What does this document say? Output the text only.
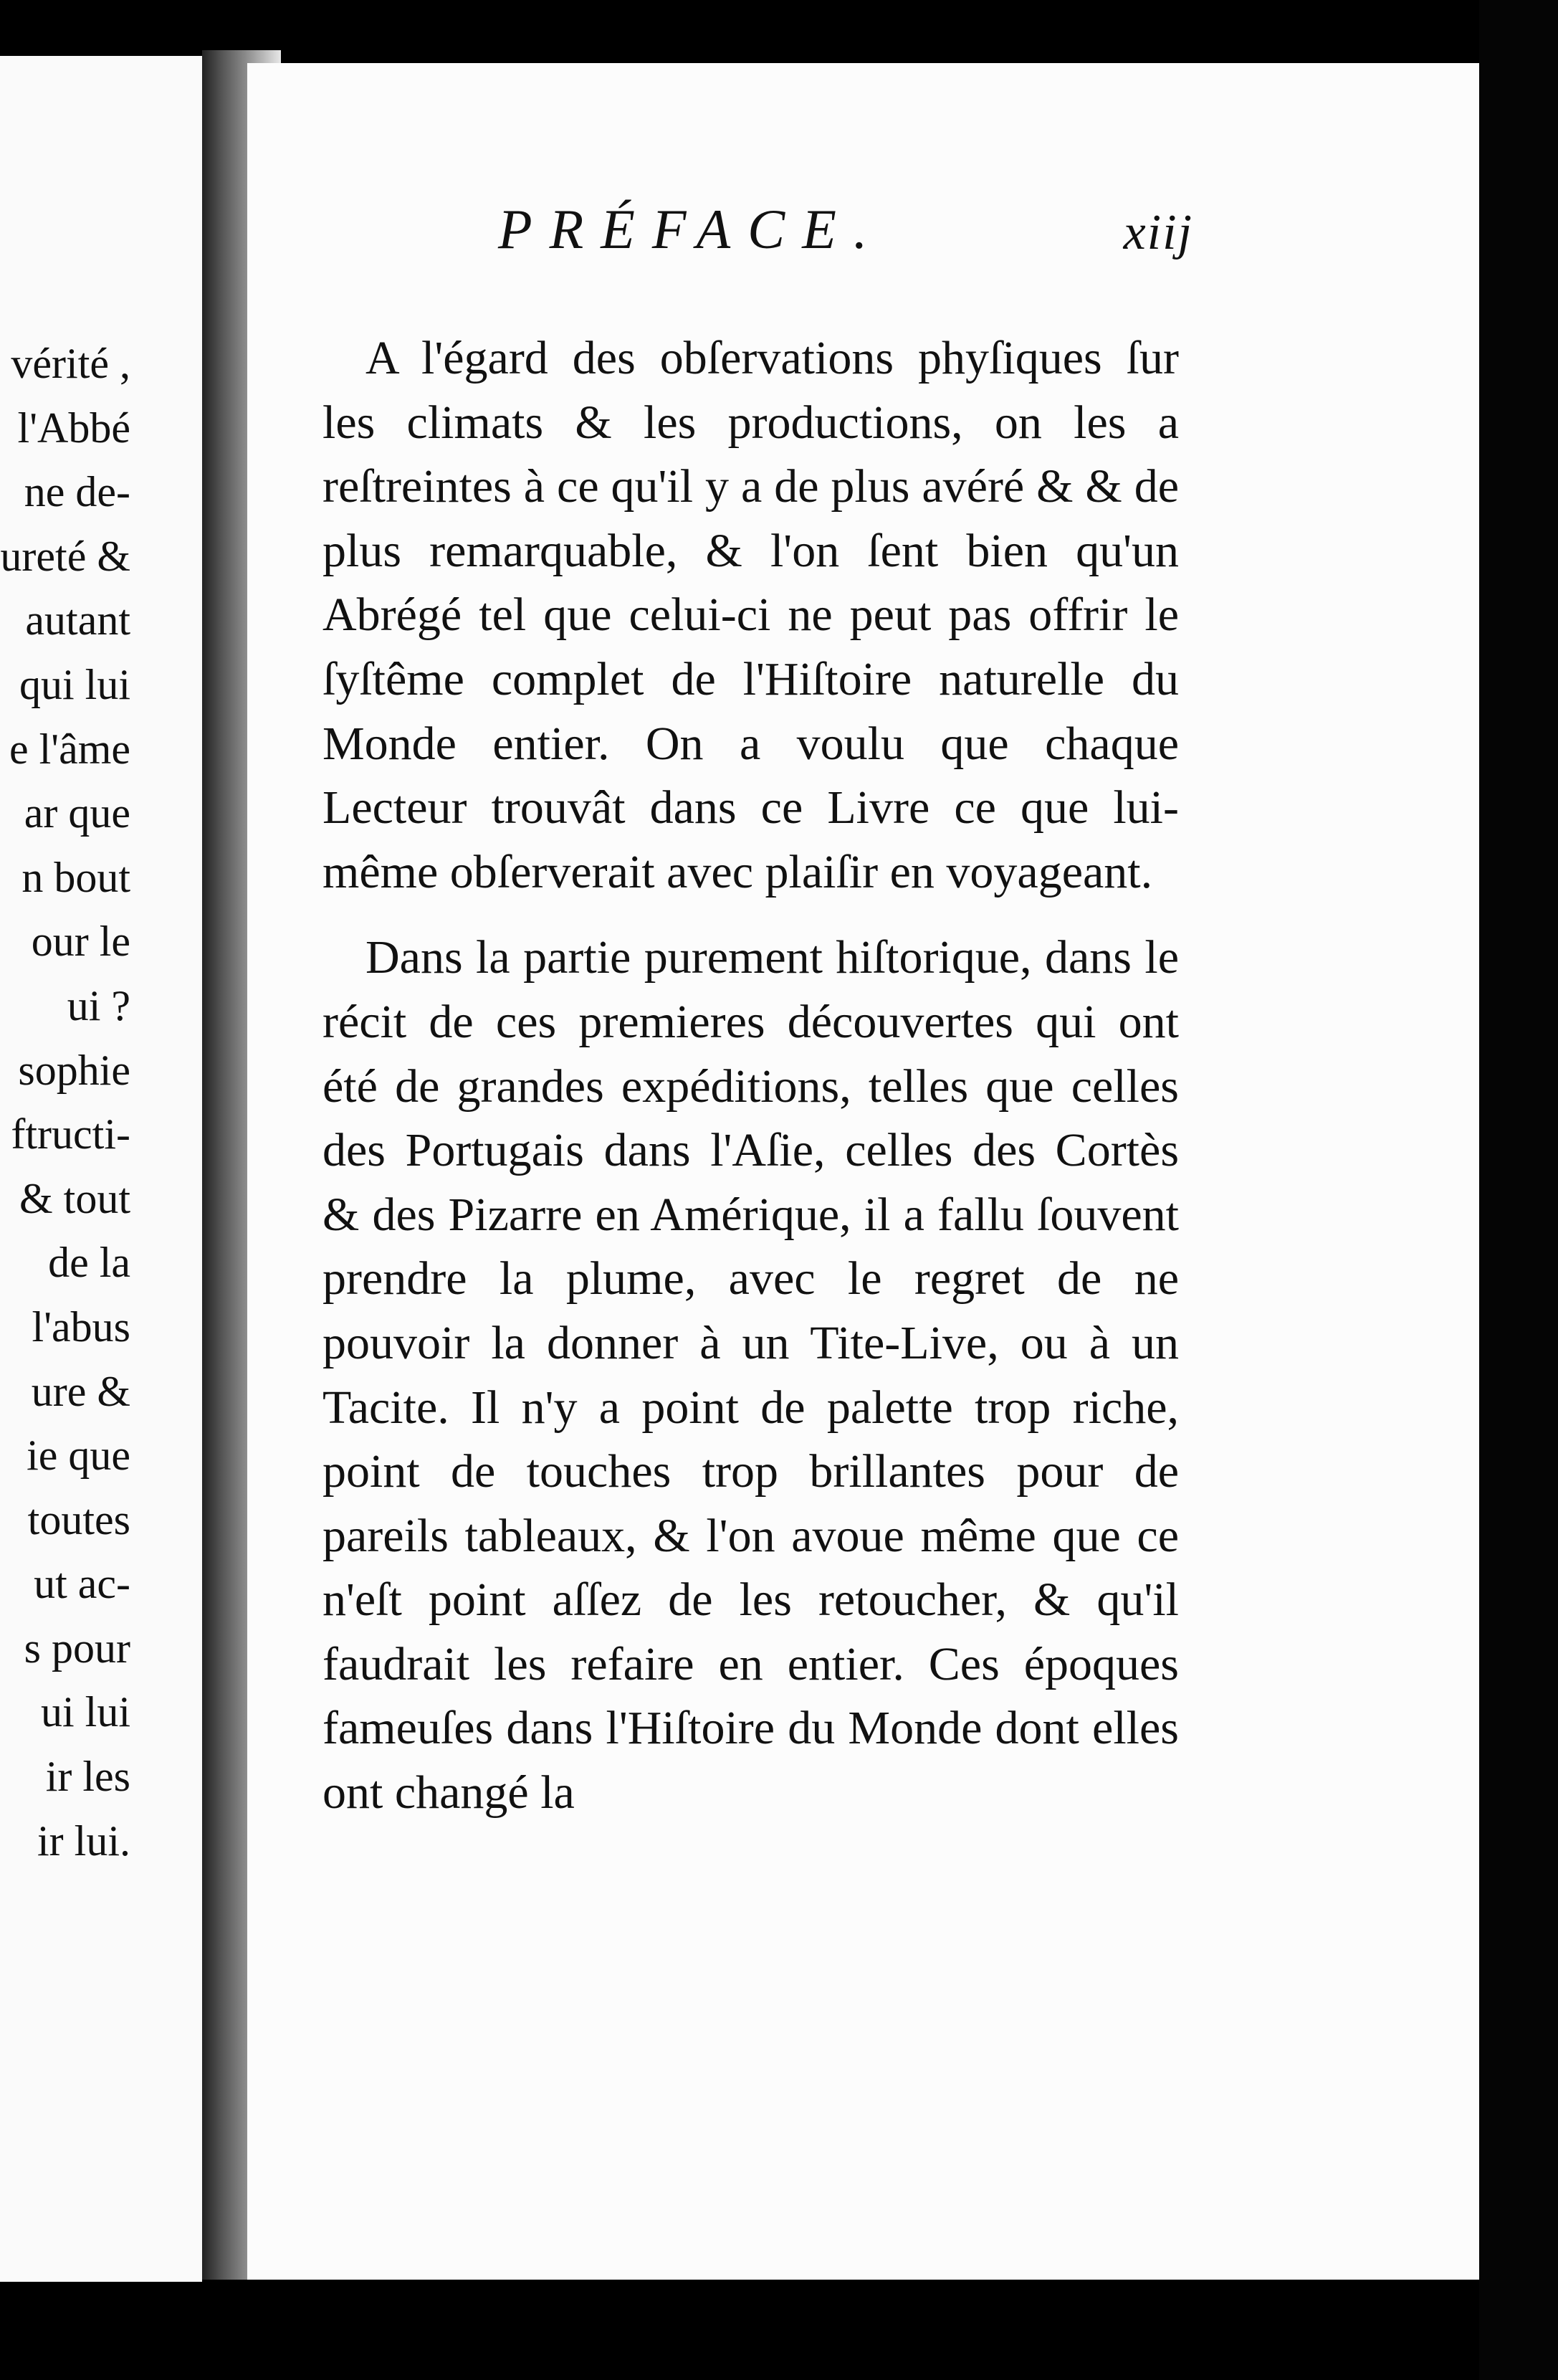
vérité ,
l'Abbé
ne de-
ureté &
autant
qui lui
e l'âme
ar que
n bout
our le
ui ?
sophie
ftructi-
& tout
de la
l'abus
ure &
ie que
toutes
ut ac-
s pour
ui lui
ir les
ir lui.
PRÉFACE.	xiij

A l'égard des obſervations phyſiques ſur les climats & les productions, on les a reſtreintes à ce qu'il y a de plus avéré & & de plus remarquable, & l'on ſent bien qu'un Abrégé tel que celui-ci ne peut pas offrir le ſyſtême complet de l'Hiſtoire naturelle du Monde entier. On a voulu que chaque Lecteur trouvât dans ce Livre ce que lui-même obſerverait avec plaiſir en voyageant.

Dans la partie purement hiſtorique, dans le récit de ces premieres découvertes qui ont été de grandes expéditions, telles que celles des Portugais dans l'Aſie, celles des Cortès & des Pizarre en Amérique, il a fallu ſouvent prendre la plume, avec le regret de ne pouvoir la donner à un Tite-Live, ou à un Tacite. Il n'y a point de palette trop riche, point de touches trop brillantes pour de pareils tableaux, & l'on avoue même que ce n'eſt point aſſez de les retoucher, & qu'il faudrait les refaire en entier. Ces époques fameuſes dans l'Hiſtoire du Monde dont elles ont changé la
